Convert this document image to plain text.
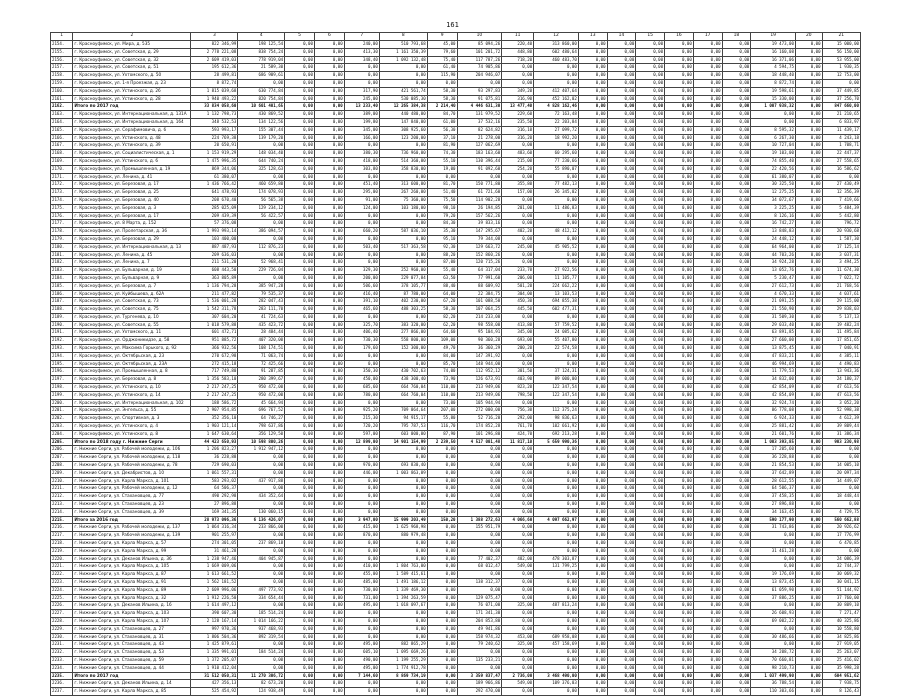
161
1	2	3	4	5	6	7	8	9	10	11	12	13	14	15	16	17	18	19	20	21
2154.	г. Красноуфимск, ул. Мира, д. 535	822 346,99	198 125,54	0,00	0,00	240,00	510 793,68	45,00	85 094,26	220,40	313 860,00	0,00	0,00	0,00	0,00	0,00	0,00	19 473,00	0,00	15 000,00
2155.	г. Красноуфимск, ул. Советская, д. 29	2 778 221,08	838 754,24	0,00	0,00	413,30	1 161 350,39	79,60	101 201,72	448,80	602 480,64	0,00	0,00	0,00	0,00	0,00	0,00	16 160,08	0,00	56 150,00
2156.	г. Красноуфимск, ул. Советская, д. 32	2 609 419,03	778 919,04	0,00	0,00	348,40	1 092 132,48	75,40	117 787,26	718,20	460 483,70	0,00	0,00	0,00	0,00	0,00	0,00	16 371,06	0,00	53 955,00
2157.	г. Красноуфимск, ул. Советская, д. 51	195 612,36	21 589,30	0,00	0,00	0,00	0,00	61,40	74 905,86	0,00	0,00	0,00	0,00	0,00	0,00	0,00	0,00	4 594,75	0,00	1 930,35
2158.	г. Красноуфимск, ул. Ухтомского, д. 50	28 499,81	686 909,61	0,00	0,00	0,00	0,00	115,90	204 946,07	0,00	0,00	0,00	0,00	0,00	0,00	0,00	0,00	18 448,40	0,00	12 753,00
2159.	г. Красноуфимск, ул. 1-я Проезжая, д. 23	8 872,74	0,00	0,00	0,00	0,00	0,00	0,00	0,00	0,00	0,00	0,00	0,00	0,00	0,00	0,00	0,00	8 872,74	0,00	0,00
2160.	г. Красноуфимск, ул. Устинского, д. 26	1 815 039,68	630 774,84	0,00	0,00	317,90	421 561,74	58,30	93 297,83	349,20	412 407,64	0,00	0,00	0,00	0,00	0,00	0,00	19 598,61	0,00	37 449,85
2161.	г. Красноуфимск, ул. Устинского, д. 28	1 940 493,22	820 754,84	0,00	0,00	245,00	530 085,30	58,30	91 075,81	316,90	452 162,02	0,00	0,00	0,00	0,00	0,00	0,00	15 330,00	0,00	37 256,70
2162.	Итого по 2017 год	33 834 058,60	10 601 401,65	0,00	0,00	13 233,40	12 265 384,38	2 214,40	4 446 631,30	13 477,40	4 828 162,46	0,00	0,00	0,00	0,00	0,00	0,00	1 007 938,32	0,00	847 660,00
2163.	г. Красноуфимск, ул. Интернациональная, д. 131А	1 132 798,73	430 869,52	0,00	0,00	389,00	440 480,00	84,70	131 979,52	229,60	72 163,48	0,00	0,00	0,00	0,00	0,00	0,00	0,00	0,00	21 210,65
2164.	г. Красноуфимск, ул. Интернациональная, д. 164	348 532,53	134 122,56	0,00	0,00	199,80	147 840,00	61,00	37 532,16	235,50	22 203,84	0,00	0,00	0,00	0,00	0,00	0,00	0,00	0,00	6 833,97
2165.	г. Красноуфимск, ул. Серафимовича, д. 6	593 993,17	155 307,44	0,00	0,00	345,00	308 925,60	56,30	82 624,82	316,10	27 099,72	0,00	0,00	0,00	0,00	0,00	0,00	8 595,32	0,00	11 439,17
2166.	г. Красноуфимск, ул. Устинского, д. 48	224 769,38	139 179,20	0,00	0,00	166,00	123 200,00	37,10	21 278,00	316,20	18 992,20	0,00	0,00	0,00	0,00	0,00	0,00	6 267,30	0,00	4 243,18
2167.	г. Красноуфимск, ул. Устинского, д. 39	20 650,91	0,00	0,00	0,00	0,00	0,00	81,90	127 062,69	0,00	0,00	0,00	0,00	0,00	0,00	0,00	0,00	10 727,04	0,00	1 708,71
2168.	г. Красноуфимск, ул. Социалистическая, д. 1	1 153 919,29	148 034,40	0,00	0,00	380,30	736 960,00	74,30	183 163,60	483,60	60 295,60	0,00	0,00	0,00	0,00	0,00	0,00	19 103,00	0,00	22 447,37
2169.	г. Красноуфимск, ул. Устинского, д. 6	1 475 996,35	644 740,24	0,00	0,00	418,00	514 360,00	55,10	130 396,44	215,00	77 230,66	0,00	0,00	0,00	0,00	0,00	0,00	74 855,40	0,00	27 558,65
2170.	г. Красноуфимск, ул. Промышленная, д. 19	869 344,06	325 128,63	0,00	0,00	303,80	358 830,00	19,00	91 092,60	254,20	55 890,07	0,00	0,00	0,00	0,00	0,00	0,00	22 420,56	0,00	16 586,62
2171.	г. Красноуфимск, ул. Ленина, д. 41	61 380,07	0,00	0,00	0,00	0,00	0,00	0,00	0,00	0,00	0,00	0,00	0,00	0,00	0,00	0,00	0,00	61 380,07	0,00	0,00
2172.	г. Красноуфимск, ул. Березовая, д. 17	1 436 766,42	460 659,80	0,00	0,00	451,40	313 600,00	81,70	150 771,80	355,80	77 482,13	0,00	0,00	0,00	0,00	0,00	0,00	30 325,50	0,00	27 430,49
2173.	г. Красноуфимск, ул. Березовая, д. 25	641 478,93	174 078,93	0,00	0,00	295,00	267 260,00	51,40	61 721,60	157,00	26 345,02	0,00	0,00	0,00	0,00	0,00	0,00	12 275,25	0,00	12 356,39
2174.	г. Красноуфимск, ул. Березовая, д. 40	208 670,40	56 565,38	0,00	0,00	91,00	75 360,00	75,50	114 902,28	0,00	0,00	0,00	0,00	0,00	0,00	0,00	0,00	34 072,67	0,00	7 419,66
2175.	г. Красноуфимск, ул. Березовая, д. 3	285 025,09	129 234,12	0,00	0,00	124,00	103 180,00	98,10	26 194,85	201,00	11 486,83	0,00	0,00	0,00	0,00	0,00	0,00	3 225,25	0,00	5 484,39
2176.	г. Красноуфимск, ул. Березовая, д. 17	209 439,39	56 422,57	0,00	0,00	0,00	0,00	79,20	157 562,26	0,00	0,00	0,00	0,00	0,00	0,00	0,00	0,00	8 126,16	0,00	5 442,80
2177.	г. Красноуфимск, ул. 8 Марта, д. 152	57 376,08	0,00	0,00	0,00	0,00	0,00	84,30	39 833,16	0,00	0,00	0,00	0,00	0,00	0,00	0,00	0,00	16 742,27	0,00	796,72
2178.	г. Красноуфимск, ул. Пролетарская, д. 36	1 993 993,14	386 094,57	0,00	0,00	660,20	587 036,10	35,30	147 295,67	402,20	48 412,12	0,00	0,00	0,00	0,00	0,00	0,00	13 848,83	0,00	20 930,68
2179.	г. Красноуфимск, ул. Березовая, д. 29	103 400,00	0,00	0,00	0,00	0,00	0,00	95,10	79 344,08	0,00	0,00	0,00	0,00	0,00	0,00	0,00	0,00	24 448,12	0,00	1 587,30
2180.	г. Красноуфимск, ул. Интернациональная, д. 13	887 487,93	112 876,23	0,00	0,00	503,40	517 363,58	92,30	129 663,72	245,00	45 905,52	0,00	0,00	0,00	0,00	0,00	0,00	64 964,00	0,00	17 125,14
2181.	г. Красноуфимск, ул. Ленина, д. 45	209 636,03	0,00	0,00	0,00	0,00	0,00	88,20	152 860,26	0,00	0,00	0,00	0,00	0,00	0,00	0,00	0,00	44 703,26	0,00	3 037,31
2182.	г. Красноуфимск, ул. Ленина, д. 7	211 531,20	52 968,41	0,00	0,00	0,00	0,00	87,00	120 715,26	0,00	0,00	0,00	0,00	0,00	0,00	0,00	0,00	34 924,28	0,00	3 494,25
2183.	г. Красноуфимск, ул. Бульварная, д. 19	608 443,50	229 726,04	0,00	0,00	329,30	252 960,00	55,40	64 317,04	233,70	27 922,56	0,00	0,00	0,00	0,00	0,00	0,00	13 052,76	0,00	11 674,30
2184.	г. Красноуфимск, ул. Бульварная, д. 9	363 805,89	0,00	0,00	0,00	200,00	229 077,84	63,50	77 991,60	206,00	11 105,77	0,00	0,00	0,00	0,00	0,00	0,00	5 230,47	0,00	7 022,72
2185.	г. Красноуфимск, ул. Березовая, д. 7	1 136 794,28	385 947,28	0,00	0,00	506,60	378 105,77	88,40	88 609,92	501,20	224 662,22	0,00	0,00	0,00	0,00	0,00	0,00	27 612,73	0,00	21 768,56
2186.	г. Красноуфимск, ул. Куйбышева, д. 62А	211 477,82	79 535,37	0,00	0,00	416,40	87 780,00	64,00	22 384,75	304,00	13 103,53	0,00	0,00	0,00	0,00	0,00	0,00	4 670,33	0,00	4 037,61
2187.	г. Красноуфимск, ул. Советская, д. 73	1 536 001,28	282 047,43	0,00	0,00	391,10	402 230,00	67,20	101 088,50	450,30	694 855,38	0,00	0,00	0,00	0,00	0,00	0,00	21 091,25	0,00	29 115,00
2188.	г. Красноуфимск, ул. Советская, д. 75	1 542 311,78	283 111,70	0,00	0,00	465,60	488 303,25	58,30	107 064,25	445,50	602 477,31	0,00	0,00	0,00	0,00	0,00	0,00	21 550,90	0,00	29 838,03
2189.	г. Красноуфимск, ул. Тургенева, д. 10	307 604,20	41 724,63	0,00	0,00	0,00	0,00	82,20	214 233,00	0,00	0,00	0,00	0,00	0,00	0,00	0,00	0,00	31 509,30	0,00	5 137,13
2190.	г. Красноуфимск, ул. Советская, д. 55	1 018 579,88	435 423,72	0,00	0,00	325,70	383 320,00	62,20	98 558,00	413,80	57 759,52	0,00	0,00	0,00	0,00	0,00	0,00	29 033,40	0,00	19 482,24
2191.	г. Красноуфимск, ул. Ухтомского, д. 11	601 472,71	28 484,44	0,00	0,00	406,40	277 866,00	64,60	95 104,91	345,00	24 085,62	0,00	0,00	0,00	0,00	0,00	0,00	63 891,85	0,00	11 495,84
2192.	г. Красноуфимск, ул. Орджоникидзе, д. 58	951 885,72	407 320,00	0,00	0,00	730,30	558 800,00	109,00	90 360,28	693,00	55 407,80	0,00	0,00	0,00	0,00	0,00	0,00	27 660,00	0,00	17 851,65
2193.	г. Красноуфимск, ул. Максима Горького, д. 92	366 932,56	108 174,51	0,00	0,00	179,60	152 300,00	49,70	36 360,29	200,20	22 574,58	0,00	0,00	0,00	0,00	0,00	0,00	13 875,45	0,00	7 040,91
2194.	г. Красноуфимск, ул. Октябрьская, д. 23	270 672,98	71 063,74	0,00	0,00	0,00	0,00	84,00	147 391,92	0,00	0,00	0,00	0,00	0,00	0,00	0,00	0,00	47 833,21	0,00	4 385,11
2195.	г. Красноуфимск, ул. Октябрьская, д. 23А	272 415,18	72 425,66	0,00	0,00	0,00	0,00	85,70	148 944,00	0,00	0,00	0,00	0,00	0,00	0,00	0,00	0,00	46 994,69	0,00	4 490,83
2196.	г. Красноуфимск, ул. Промышленная, д. 8	717 749,80	91 287,85	0,00	0,00	350,30	430 702,63	74,00	112 952,12	301,50	37 124,31	0,00	0,00	0,00	0,00	0,00	0,00	11 779,53	0,00	13 943,36
2197.	г. Красноуфимск, ул. Березовая, д. 8	1 356 583,10	280 399,67	0,00	0,00	450,00	438 300,40	73,90	126 673,91	403,90	89 000,00	0,00	0,00	0,00	0,00	0,00	0,00	34 832,00	0,00	24 180,37
2198.	г. Красноуфимск, ул. Устинского, д. 10	2 217 247,25	950 472,00	0,00	0,00	685,60	664 760,04	110,00	213 949,06	823,20	122 347,54	0,00	0,00	0,00	0,00	0,00	0,00	42 854,09	0,00	47 613,56
2199.	г. Красноуфимск, ул. Устинского, д. 14	2 217 247,25	950 472,00	0,00	0,00	780,00	664 760,04	110,00	213 949,06	798,50	122 347,54	0,00	0,00	0,00	0,00	0,00	0,00	42 854,09	0,00	47 613,56
2200.	г. Красноуфимск, ул. Интернациональная, д. 102	188 586,72	45 664,94	0,00	0,00	0,00	0,00	73,00	105 944,94	0,00	0,00	0,00	0,00	0,00	0,00	0,00	0,00	32 924,74	0,00	3 052,20
2201.	г. Красноуфимск, ул. Энгельса, д. 55	2 907 954,85	696 767,52	0,00	0,00	925,20	709 064,64	207,00	272 000,00	756,30	112 375,24	0,00	0,00	0,00	0,00	0,00	0,00	86 778,08	0,00	52 998,38
2202.	г. Красноуфимск, ул. Спортивная, д. 3	352 356,10	64 746,27	0,00	0,00	215,30	94 915,17	55,80	52 716,20	292,00	98 836,63	0,00	0,00	0,00	0,00	0,00	0,00	6 924,33	0,00	4 612,39
2203.	г. Красноуфимск, ул. Устинского, д. 4	1 903 121,14	798 637,86	0,00	0,00	720,20	795 787,53	116,70	174 852,28	761,70	102 661,92	0,00	0,00	0,00	0,00	0,00	0,00	25 881,42	0,00	39 809,44
2204.	г. Красноуфимск, ул. Устинского, д. 8	1 647 630,64	356 129,50	0,00	0,00	597,00	603 000,00	87,90	101 296,80	424,70	692 213,28	0,00	0,00	0,00	0,00	0,00	0,00	21 601,76	0,00	31 386,34
2205.	Итого по 2018 году г. Нижние Серги	44 423 650,93	10 598 800,26	0,00	0,00	12 899,00	14 901 154,99	2 239,50	4 517 001,48	11 817,10	5 659 990,36	0,00	0,00	0,00	0,00	0,00	0,00	1 003 393,85	0,00	903 230,98
2206.	г. Нижние Серги, ул. Рабочей молодежи, д. 106	1 206 823,27	1 912 947,12	0,00	0,00	0,00	0,00	0,00	0,00	0,00	0,00	0,00	0,00	0,00	0,00	0,00	0,00	17 205,60	0,00	0,00
2207.	г. Нижние Серги, ул. Рабочей молодежи, д. 118	36 228,88	0,00	0,00	0,00	0,00	0,00	0,00	0,00	0,00	0,00	0,00	0,00	0,00	0,00	0,00	0,00	36 228,88	0,00	0,00
2208.	г. Нижние Серги, ул. Рабочей молодежи, д. 78	729 690,03	0,00	0,00	0,00	970,00	693 830,40	0,00	0,00	0,00	0,00	0,00	0,00	0,00	0,00	0,00	0,00	21 854,53	0,00	14 005,10
2209.	г. Нижние Серги, ул. Декабристов, д. 10	1 061 557,31	0,00	0,00	0,00	446,00	1 003 863,09	0,00	0,00	0,00	0,00	0,00	0,00	0,00	0,00	0,00	0,00	37 642,89	0,00	20 097,34
2210.	г. Нижние Серги, ул. Карла Маркса, д. 101	583 293,02	437 917,88	0,00	0,00	0,00	0,00	0,00	0,00	0,00	0,00	0,00	0,00	0,00	0,00	0,00	0,00	28 612,55	0,00	14 449,07
2211.	г. Нижние Серги, ул. Рабочей молодежи, д. 12	64 506,37	0,00	0,00	0,00	0,00	0,00	0,00	0,00	0,00	0,00	0,00	0,00	0,00	0,00	0,00	0,00	64 506,37	0,00	0,00
2212.	г. Нижние Серги, ул. Стахановцев, д. 77	490 292,98	434 352,64	0,00	0,00	0,00	0,00	0,00	0,00	0,00	0,00	0,00	0,00	0,00	0,00	0,00	0,00	37 458,35	0,00	18 448,44
2213.	г. Нижние Серги, ул. Стахановцев, д. 23	27 896,88	0,00	0,00	0,00	0,00	0,00	0,00	0,00	0,00	0,00	0,00	0,00	0,00	0,00	0,00	0,00	27 896,88	0,00	0,00
2214.	г. Нижние Серги, ул. Стахановцев, д. 39	169 341,35	130 060,15	0,00	0,00	0,00	0,00	0,00	0,00	0,00	0,00	0,00	0,00	0,00	0,00	0,00	0,00	34 163,45	0,00	4 729,75
2215.	Итого за 2016 год	28 973 096,36	6 136 426,07	0,00	0,00	3 947,00	15 999 203,49	150,20	1 388 272,63	4 066,60	4 097 662,97	0,00	0,00	0,00	0,00	0,00	0,00	590 177,90	0,00	560 662,88
2216.	г. Нижние Серги, ул. Рабочей молодежи, д. 137	1 064 316,34	233 866,00	0,00	0,00	415,00	1 625 968,98	0,00	155 951,79	0,00	0,00	0,00	0,00	0,00	0,00	0,00	0,00	31 743,86	0,00	20 926,62
2217.	г. Нижние Серги, ул. Рабочей молодежи, д. 139	901 255,97	0,00	0,00	0,00	870,00	880 979,48	0,00	0,00	0,00	0,00	0,00	0,00	0,00	0,00	0,00	0,00	0,00	0,00	17 776,99
2218.	г. Нижние Серги, ул. Карла Маркса, д. 57	274 301,05	237 869,18	0,00	0,00	0,00	0,00	0,00	0,00	0,00	0,00	0,00	0,00	0,00	0,00	0,00	0,00	0,00	0,00	6 470,85
2219.	г. Нижние Серги, ул. Карла Маркса, д. 99	31 461,28	0,00	0,00	0,00	0,00	0,00	0,00	0,00	0,00	0,00	0,00	0,00	0,00	0,00	0,00	0,00	31 461,28	0,00	0,00
2220.	г. Нижние Серги, ул. Деканов Ильина, д. 36	1 238 947,46	404 945,87	0,00	0,00	0,00	0,00	0,00	77 402,37	482,00	478 303,87	0,00	0,00	0,00	0,00	0,00	0,00	0,00	0,00	24 086,39
2221.	г. Нижние Серги, ул. Карла Маркса, д. 105	1 669 009,06	0,00	0,00	0,00	410,00	1 804 763,00	0,00	68 012,47	549,00	131 799,25	0,00	0,00	0,00	0,00	0,00	0,00	0,00	0,00	32 744,37
2222.	г. Нижние Серги, ул. Карла Маркса, д. 87	1 613 661,52	0,00	0,00	0,00	455,00	1 589 415,61	0,00	0,00	0,00	0,00	0,00	0,00	0,00	0,00	0,00	0,00	19 176,69	0,00	30 069,32
2223.	г. Нижние Серги, ул. Карла Маркса, д. 91	1 562 181,52	0,00	0,00	0,00	485,00	1 491 186,12	0,00	138 312,37	0,00	0,00	0,00	0,00	0,00	0,00	0,00	0,00	13 873,45	0,00	30 041,15
2224.	г. Нижние Серги, ул. Карла Маркса, д. 89	2 609 996,06	497 773,92	0,00	0,00	730,00	1 339 469,30	0,00	0,00	0,00	0,00	0,00	0,00	0,00	0,00	0,00	0,00	61 059,90	0,00	51 144,92
2225.	г. Нижние Серги, ул. Карла Маркса, д. 32	1 912 226,50	334 654,44	0,00	0,00	731,00	1 394 263,59	0,00	129 075,47	0,00	0,00	0,00	0,00	0,00	0,00	0,00	0,00	37 886,25	0,00	37 760,00
2226.	г. Нижние Серги, ул. Деканов Ильина, д. 16	1 614 497,12	0,00	0,00	0,00	495,00	1 018 097,67	0,00	76 071,00	325,00	487 813,24	0,00	0,00	0,00	0,00	0,00	0,00	0,00	0,00	30 809,10
2227.	г. Нижние Серги, ул. Карла Маркса, д. 103	390 607,30	185 514,24	0,00	0,00	0,00	0,00	0,00	171 341,30	0,00	0,00	0,00	0,00	0,00	0,00	0,00	0,00	26 608,93	0,00	7 271,47
2228.	г. Нижние Серги, ул. Карла Маркса, д. 107	2 128 167,14	1 014 166,22	0,00	0,00	0,00	0,00	0,00	204 853,80	0,00	0,00	0,00	0,00	0,00	0,00	0,00	0,00	69 002,22	0,00	40 325,86
2229.	г. Нижние Серги, ул. Стахановцев, д. 27	997 970,36	937 468,93	0,00	0,00	0,00	0,00	0,00	49 941,86	0,00	0,00	0,00	0,00	0,00	0,00	0,00	0,00	0,00	0,00	10 558,80
2230.	г. Нижние Серги, ул. Стахановцев, д. 31	1 806 504,36	892 319,54	0,00	0,00	0,00	0,00	0,00	158 974,32	453,00	689 958,08	0,00	0,00	0,00	0,00	0,00	0,00	30 486,66	0,00	34 825,86
2231.	г. Нижние Серги, ул. Стахановцев, д. 43	1 425 879,61	0,00	0,00	0,00	495,00	882 865,29	0,00	79 240,62	325,00	457 158,69	0,00	0,00	0,00	0,00	0,00	0,00	0,00	0,00	27 919,05
2232.	г. Нижние Серги, ул. Стахановцев, д. 53	1 335 991,01	184 514,24	0,00	0,00	605,10	1 095 669,26	0,00	0,00	0,00	0,00	0,00	0,00	0,00	0,00	0,00	0,00	34 208,72	0,00	25 263,07
2233.	г. Нижние Серги, ул. Стахановцев, д. 59	1 372 205,07	0,00	0,00	0,00	490,00	1 199 255,29	0,00	135 233,21	0,00	0,00	0,00	0,00	0,00	0,00	0,00	0,00	70 660,81	0,00	25 416,02
2234.	г. Нижние Серги, ул. Стахановцев, д. 44	1 910 412,04	0,00	0,00	0,00	495,00	1 774 912,78	0,00	0,00	0,00	0,00	0,00	0,00	0,00	0,00	0,00	0,00	98 210,73	0,00	35 998,28
2235.	Итого по 2017 год	31 512 050,31	11 270 306,72	0,00	0,00	7 144,60	8 869 734,19	0,00	3 359 837,47	2 736,00	3 468 490,00	0,00	0,00	0,00	0,00	0,00	0,00	1 037 499,90	0,00	604 951,62
2236.	г. Нижние Серги, ул. Деканов Ильина, д. 14	427 356,13	82 673,20	0,00	0,00	0,00	0,00	0,00	189 966,86	549,00	109 376,03	0,00	0,00	0,00	0,00	0,00	0,00	36 788,54	0,00	7 938,75
2237.	г. Нижние Серги, ул. Карла Маркса, д. 85	525 454,92	124 938,49	0,00	0,00	0,00	0,00	0,00	292 470,00	0,00	0,00	0,00	0,00	0,00	0,00	0,00	0,00	110 303,66	0,00	8 126,43
